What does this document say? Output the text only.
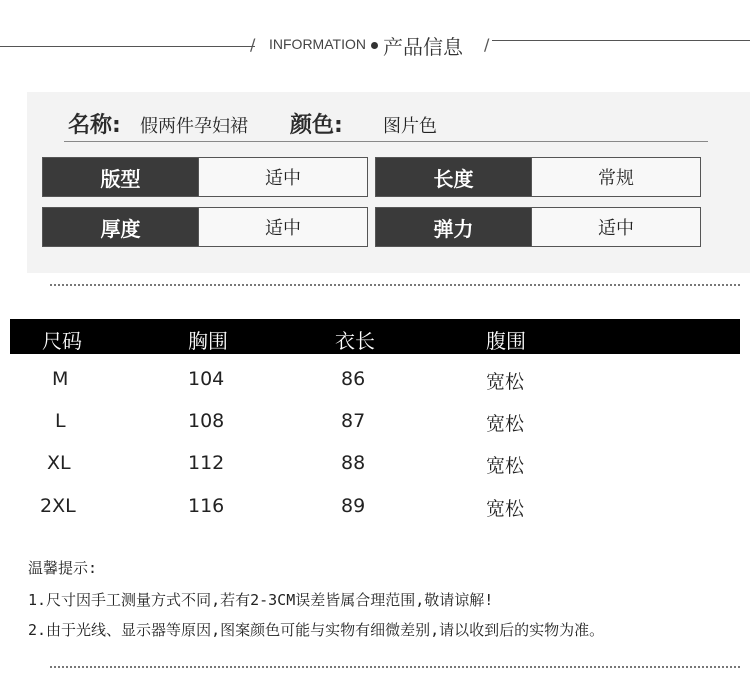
/ INFORMATION 产品信息 /
名称: 假两件孕妇裙 颜色: 图片色
版型	适中	长度	常规
厚度	适中	弹力	适中
尺码	胸围	衣长	腹围
M	104	86	宽松
L	108	87	宽松
XL	112	88	宽松
2XL	116	89	宽松
温馨提示:
1.尺寸因手工测量方式不同,若有2-3CM误差皆属合理范围,敬请谅解!
2.由于光线、显示器等原因,图案颜色可能与实物有细微差别,请以收到后的实物为准。
